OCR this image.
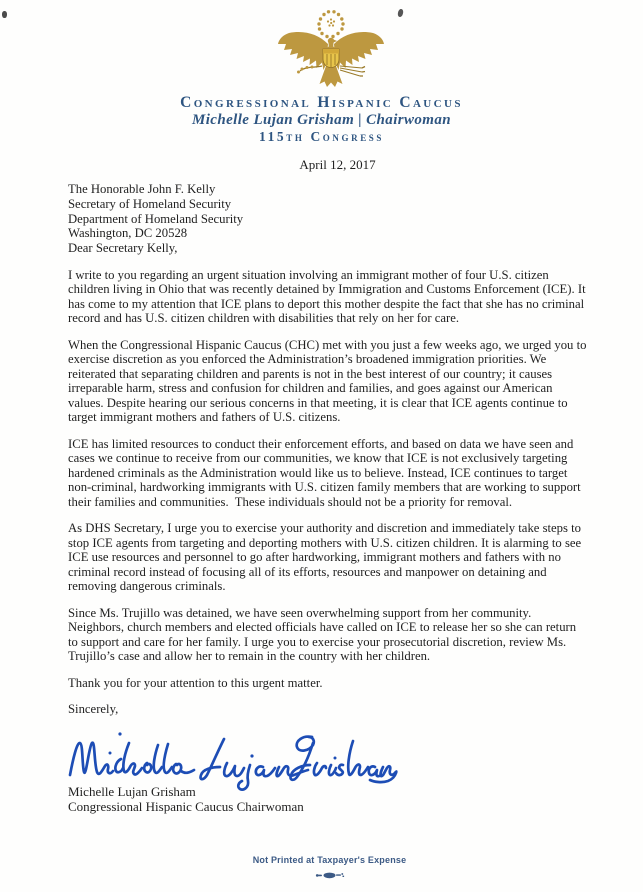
Congressional Hispanic Caucus
Michelle Lujan Grisham | Chairwoman
115th Congress
April 12, 2017
The Honorable John F. Kelly
Secretary of Homeland Security
Department of Homeland Security
Washington, DC 20528

Dear Secretary Kelly,

I write to you regarding an urgent situation involving an immigrant mother of four U.S. citizen children living in Ohio that was recently detained by Immigration and Customs Enforcement (ICE). It has come to my attention that ICE plans to deport this mother despite the fact that she has no criminal record and has U.S. citizen children with disabilities that rely on her for care.

When the Congressional Hispanic Caucus (CHC) met with you just a few weeks ago, we urged you to exercise discretion as you enforced the Administration’s broadened immigration priorities. We reiterated that separating children and parents is not in the best interest of our country; it causes irreparable harm, stress and confusion for children and families, and goes against our American values. Despite hearing our serious concerns in that meeting, it is clear that ICE agents continue to target immigrant mothers and fathers of U.S. citizens.

ICE has limited resources to conduct their enforcement efforts, and based on data we have seen and cases we continue to receive from our communities, we know that ICE is not exclusively targeting hardened criminals as the Administration would like us to believe. Instead, ICE continues to target non-criminal, hardworking immigrants with U.S. citizen family members that are working to support their families and communities.  These individuals should not be a priority for removal.

As DHS Secretary, I urge you to exercise your authority and discretion and immediately take steps to stop ICE agents from targeting and deporting mothers with U.S. citizen children. It is alarming to see ICE use resources and personnel to go after hardworking, immigrant mothers and fathers with no criminal record instead of focusing all of its efforts, resources and manpower on detaining and removing dangerous criminals.

Since Ms. Trujillo was detained, we have seen overwhelming support from her community. Neighbors, church members and elected officials have called on ICE to release her so she can return to support and care for her family. I urge you to exercise your prosecutorial discretion, review Ms. Trujillo’s case and allow her to remain in the country with her children.

Thank you for your attention to this urgent matter.

Sincerely,

Michelle Lujan Grisham
Congressional Hispanic Caucus Chairwoman
Not Printed at Taxpayer's Expense
